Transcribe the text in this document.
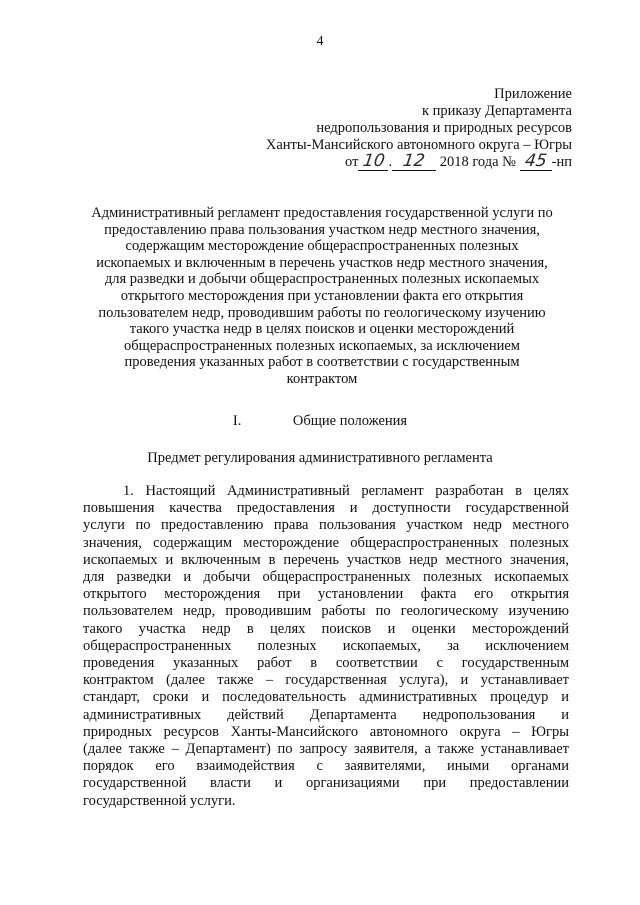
4
Приложение
к приказу Департамента
недропользования и природных ресурсов
Ханты-Мансийского автономного округа – Югры
от 10 . 12 2018 года № 45 -нп
Административный регламент предоставления государственной услуги по
предоставлению права пользования участком недр местного значения,
содержащим месторождение общераспространенных полезных
ископаемых и включенным в перечень участков недр местного значения,
для разведки и добычи общераспространенных полезных ископаемых
открытого месторождения при установлении факта его открытия
пользователем недр, проводившим работы по геологическому изучению
такого участка недр в целях поисков и оценки месторождений
общераспространенных полезных ископаемых, за исключением
проведения указанных работ в соответствии с государственным
контрактом
I.	Общие положения
Предмет регулирования административного регламента
1. Настоящий Административный регламент разработан в целях
повышения качества предоставления и доступности государственной
услуги по предоставлению права пользования участком недр местного
значения, содержащим месторождение общераспространенных полезных
ископаемых и включенным в перечень участков недр местного значения,
для разведки и добычи общераспространенных полезных ископаемых
открытого месторождения при установлении факта его открытия
пользователем недр, проводившим работы по геологическому изучению
такого участка недр в целях поисков и оценки месторождений
общераспространенных полезных ископаемых, за исключением
проведения указанных работ в соответствии с государственным
контрактом (далее также – государственная услуга), и устанавливает
стандарт, сроки и последовательность административных процедур и
административных действий Департамента недропользования и
природных ресурсов Ханты-Мансийского автономного округа – Югры
(далее также – Департамент) по запросу заявителя, а также устанавливает
порядок его взаимодействия с заявителями, иными органами
государственной власти и организациями при предоставлении
государственной услуги.
